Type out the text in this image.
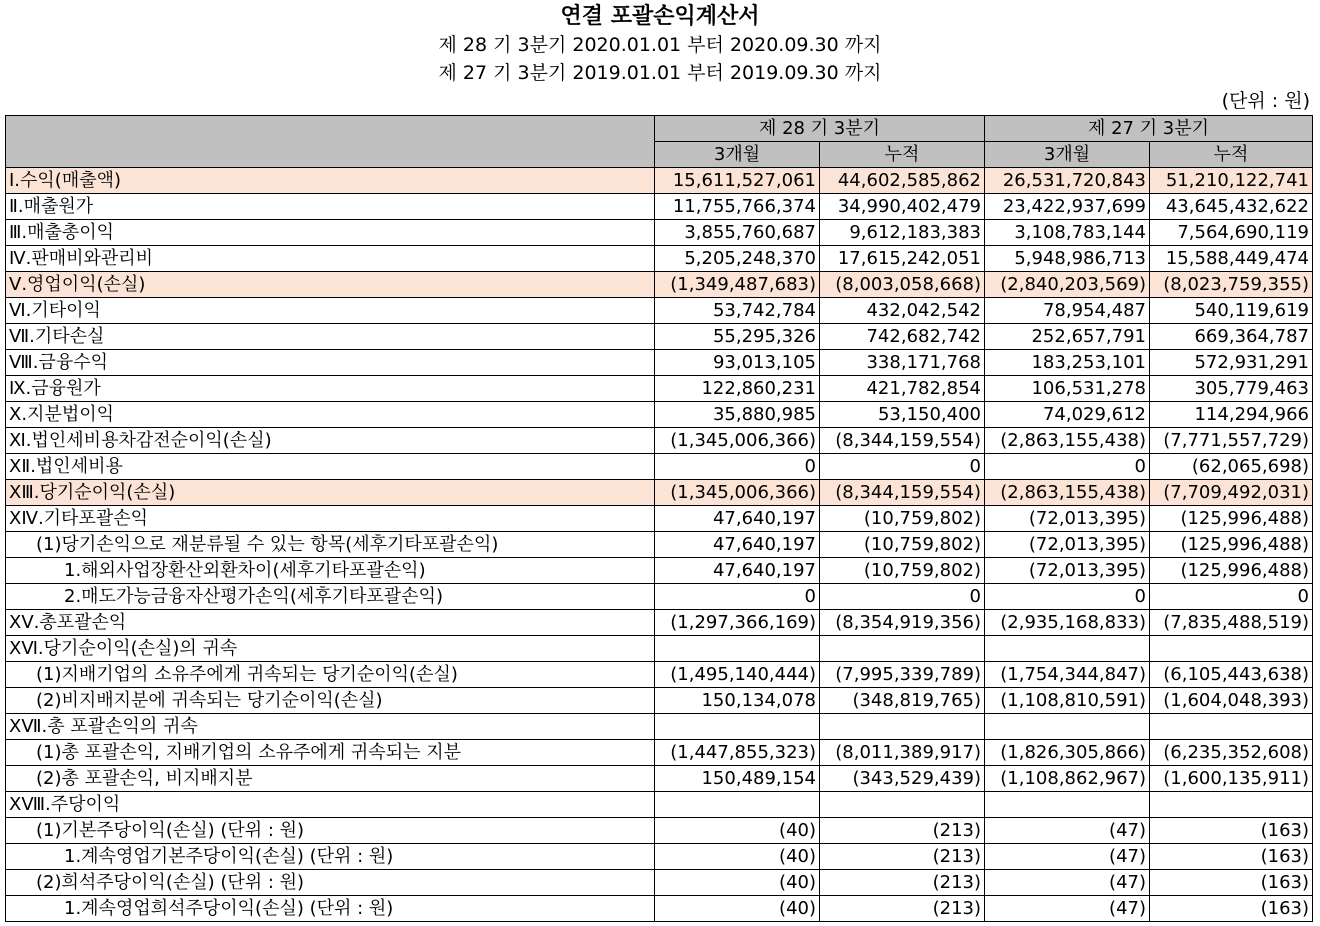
연결 포괄손익계산서
제 28 기 3분기 2020.01.01 부터 2020.09.30 까지
제 27 기 3분기 2019.01.01 부터 2019.09.30 까지
(단위 : 원)
	제 28 기 3분기		제 27 기 3분기	
	3개월	누적	3개월	누적
Ⅰ.수익(매출액)	15,611,527,061	44,602,585,862	26,531,720,843	51,210,122,741
Ⅱ.매출원가	11,755,766,374	34,990,402,479	23,422,937,699	43,645,432,622
Ⅲ.매출총이익	3,855,760,687	9,612,183,383	3,108,783,144	7,564,690,119
Ⅳ.판매비와관리비	5,205,248,370	17,615,242,051	5,948,986,713	15,588,449,474
Ⅴ.영업이익(손실)	(1,349,487,683)	(8,003,058,668)	(2,840,203,569)	(8,023,759,355)
Ⅵ.기타이익	53,742,784	432,042,542	78,954,487	540,119,619
Ⅶ.기타손실	55,295,326	742,682,742	252,657,791	669,364,787
Ⅷ.금융수익	93,013,105	338,171,768	183,253,101	572,931,291
Ⅸ.금융원가	122,860,231	421,782,854	106,531,278	305,779,463
Ⅹ.지분법이익	35,880,985	53,150,400	74,029,612	114,294,966
Ⅺ.법인세비용차감전순이익(손실)	(1,345,006,366)	(8,344,159,554)	(2,863,155,438)	(7,771,557,729)
XⅡ.법인세비용	0	0	0	(62,065,698)
XⅢ.당기순이익(손실)	(1,345,006,366)	(8,344,159,554)	(2,863,155,438)	(7,709,492,031)
XⅣ.기타포괄손익	47,640,197	(10,759,802)	(72,013,395)	(125,996,488)
(1)당기손익으로 재분류될 수 있는 항목(세후기타포괄손익)	47,640,197	(10,759,802)	(72,013,395)	(125,996,488)
1.해외사업장환산외환차이(세후기타포괄손익)	47,640,197	(10,759,802)	(72,013,395)	(125,996,488)
2.매도가능금융자산평가손익(세후기타포괄손익)	0	0	0	0
XⅤ.총포괄손익	(1,297,366,169)	(8,354,919,356)	(2,935,168,833)	(7,835,488,519)
XⅥ.당기순이익(손실)의 귀속				
(1)지배기업의 소유주에게 귀속되는 당기순이익(손실)	(1,495,140,444)	(7,995,339,789)	(1,754,344,847)	(6,105,443,638)
(2)비지배지분에 귀속되는 당기순이익(손실)	150,134,078	(348,819,765)	(1,108,810,591)	(1,604,048,393)
XⅦ.총 포괄손익의 귀속				
(1)총 포괄손익, 지배기업의 소유주에게 귀속되는 지분	(1,447,855,323)	(8,011,389,917)	(1,826,305,866)	(6,235,352,608)
(2)총 포괄손익, 비지배지분	150,489,154	(343,529,439)	(1,108,862,967)	(1,600,135,911)
XⅧ.주당이익				
(1)기본주당이익(손실) (단위 : 원)	(40)	(213)	(47)	(163)
1.계속영업기본주당이익(손실) (단위 : 원)	(40)	(213)	(47)	(163)
(2)희석주당이익(손실) (단위 : 원)	(40)	(213)	(47)	(163)
1.계속영업희석주당이익(손실) (단위 : 원)	(40)	(213)	(47)	(163)
